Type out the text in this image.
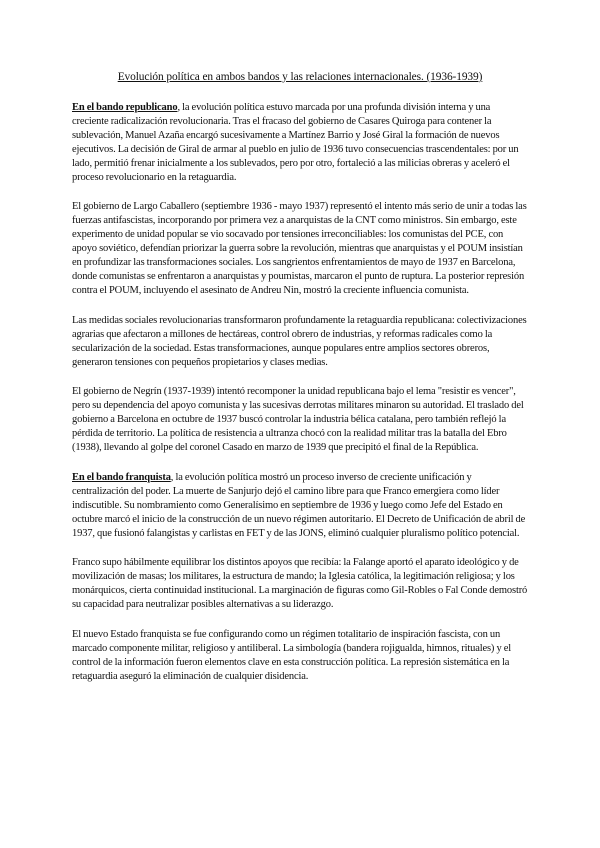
Evolución política en ambos bandos y las relaciones internacionales. (1936-1939)

En el bando republicano, la evolución política estuvo marcada por una profunda división interna y una creciente radicalización revolucionaria. Tras el fracaso del gobierno de Casares Quiroga para contener la sublevación, Manuel Azaña encargó sucesivamente a Martínez Barrio y José Giral la formación de nuevos ejecutivos. La decisión de Giral de armar al pueblo en julio de 1936 tuvo consecuencias trascendentales: por un lado, permitió frenar inicialmente a los sublevados, pero por otro, fortaleció a las milicias obreras y aceleró el proceso revolucionario en la retaguardia.

El gobierno de Largo Caballero (septiembre 1936 - mayo 1937) representó el intento más serio de unir a todas las fuerzas antifascistas, incorporando por primera vez a anarquistas de la CNT como ministros. Sin embargo, este experimento de unidad popular se vio socavado por tensiones irreconciliables: los comunistas del PCE, con apoyo soviético, defendían priorizar la guerra sobre la revolución, mientras que anarquistas y el POUM insistían en profundizar las transformaciones sociales. Los sangrientos enfrentamientos de mayo de 1937 en Barcelona, donde comunistas se enfrentaron a anarquistas y poumistas, marcaron el punto de ruptura. La posterior represión contra el POUM, incluyendo el asesinato de Andreu Nin, mostró la creciente influencia comunista.

Las medidas sociales revolucionarias transformaron profundamente la retaguardia republicana: colectivizaciones agrarias que afectaron a millones de hectáreas, control obrero de industrias, y reformas radicales como la secularización de la sociedad. Estas transformaciones, aunque populares entre amplios sectores obreros, generaron tensiones con pequeños propietarios y clases medias.

El gobierno de Negrín (1937-1939) intentó recomponer la unidad republicana bajo el lema "resistir es vencer", pero su dependencia del apoyo comunista y las sucesivas derrotas militares minaron su autoridad. El traslado del gobierno a Barcelona en octubre de 1937 buscó controlar la industria bélica catalana, pero también reflejó la pérdida de territorio. La política de resistencia a ultranza chocó con la realidad militar tras la batalla del Ebro (1938), llevando al golpe del coronel Casado en marzo de 1939 que precipitó el final de la República.

En el bando franquista, la evolución política mostró un proceso inverso de creciente unificación y centralización del poder. La muerte de Sanjurjo dejó el camino libre para que Franco emergiera como líder indiscutible. Su nombramiento como Generalísimo en septiembre de 1936 y luego como Jefe del Estado en octubre marcó el inicio de la construcción de un nuevo régimen autoritario. El Decreto de Unificación de abril de 1937, que fusionó falangistas y carlistas en FET y de las JONS, eliminó cualquier pluralismo político potencial.

Franco supo hábilmente equilibrar los distintos apoyos que recibía: la Falange aportó el aparato ideológico y de movilización de masas; los militares, la estructura de mando; la Iglesia católica, la legitimación religiosa; y los monárquicos, cierta continuidad institucional. La marginación de figuras como Gil-Robles o Fal Conde demostró su capacidad para neutralizar posibles alternativas a su liderazgo.

El nuevo Estado franquista se fue configurando como un régimen totalitario de inspiración fascista, con un marcado componente militar, religioso y antiliberal. La simbología (bandera rojigualda, himnos, rituales) y el control de la información fueron elementos clave en esta construcción política. La represión sistemática en la retaguardia aseguró la eliminación de cualquier disidencia.
